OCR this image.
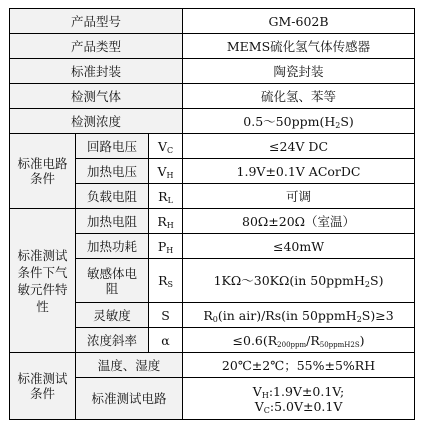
产品型号			GM-602B
产品类型			MEMS硫化氢气体传感器
标准封装			陶瓷封装
检测气体			硫化氢、苯等
检测浓度			$0.5\sim 50ppm(H_2S)$
标准电路条件	回路电压	$V_C$	≤24V DC
	加热电压	$V_H$	1.9V±0.1V ACorDC
	负载电阻	$R_L$	可调
标准测试条件下气敏元件特性	加热电阻	$R_H$	80Ω±20Ω（室温）
	加热功耗	$P_H$	≤40mW
	敏感体电阻	$R_S$	1KΩ～30KΩ(in 50ppmH$_2$S)
	灵敏度	S	$R_0(in$ air)/Rs(in 50ppmH$_2$S)≥3
	浓度斜率	α	$\le 0.6(R_{200ppm}/R_{50ppmH2S})$
标准测试条件	温度、湿度		20℃±2℃；55%±5%RH
	标准测试电路		$V_H:1.9V\pm 0.1V$;
$V_C:5.0V\pm 0.1V$
